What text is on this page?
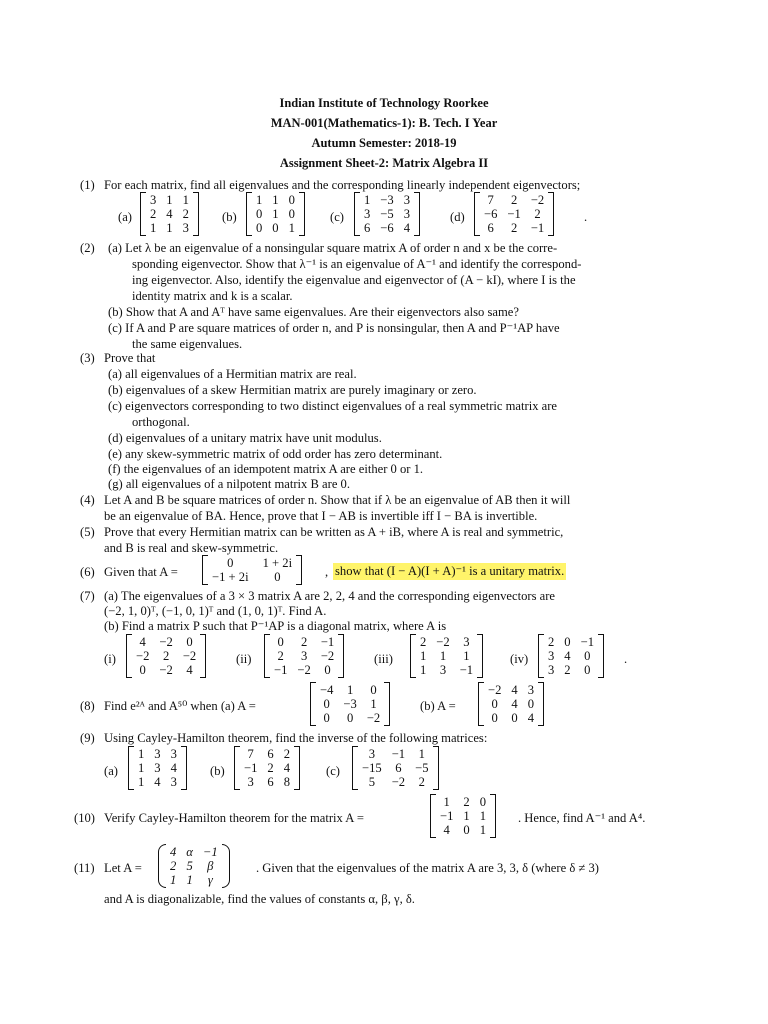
Indian Institute of Technology Roorkee
MAN-001(Mathematics-1): B. Tech. I Year
Autumn Semester: 2018-19
Assignment Sheet-2: Matrix Algebra II
(1) For each matrix, find all eigenvalues and the corresponding linearly independent eigenvectors;
(a)
3 1 1
2 4 2
1 1 3
(b)
1 1 0
0 1 0
0 0 1
(c)
1 −3 3
3 −5 3
6 −6 4
(d)
7 2 −2
−6 −1 2
6 2 −1
.
(2) (a) Let λ be an eigenvalue of a nonsingular square matrix A of order n and x be the corre-
sponding eigenvector. Show that λ⁻¹ is an eigenvalue of A⁻¹ and identify the correspond-
ing eigenvector. Also, identify the eigenvalue and eigenvector of (A − kI), where I is the
identity matrix and k is a scalar.
(b) Show that A and Aᵀ have same eigenvalues. Are their eigenvectors also same?
(c) If A and P are square matrices of order n, and P is nonsingular, then A and P⁻¹AP have
the same eigenvalues.
(3) Prove that
(a) all eigenvalues of a Hermitian matrix are real.
(b) eigenvalues of a skew Hermitian matrix are purely imaginary or zero.
(c) eigenvectors corresponding to two distinct eigenvalues of a real symmetric matrix are
orthogonal.
(d) eigenvalues of a unitary matrix have unit modulus.
(e) any skew-symmetric matrix of odd order has zero determinant.
(f) the eigenvalues of an idempotent matrix A are either 0 or 1.
(g) all eigenvalues of a nilpotent matrix B are 0.
(4) Let A and B be square matrices of order n. Show that if λ be an eigenvalue of AB then it will
be an eigenvalue of BA. Hence, prove that I − AB is invertible iff I − BA is invertible.
(5) Prove that every Hermitian matrix can be written as A + iB, where A is real and symmetric,
and B is real and skew-symmetric.
(6) Given that A =
0	1 + 2i
−1 + 2i	0	, show that (I − A)(I + A)⁻¹ is a unitary matrix.
(7) (a) The eigenvalues of a 3 × 3 matrix A are 2, 2, 4 and the corresponding eigenvectors are
(−2, 1, 0)ᵀ, (−1, 0, 1)ᵀ and (1, 0, 1)ᵀ. Find A.
(b) Find a matrix P such that P⁻¹AP is a diagonal matrix, where A is
(i)
4 −2 0
−2 2 −2
0 −2 4
(ii)
0 2 −1
2 3 −2
−1 −2 0
(iii)
2 −2 3
1 1 1
1 3 −1
(iv)
2 0 −1
3 4 0
3 2 0
.
(8) Find e²ᴬ and A⁵⁰ when (a) A =
−4 1 0
0 −3 1
0 0 −2
(b) A =
−2 4 3
0 4 0
0 0 4
(9) Using Cayley-Hamilton theorem, find the inverse of the following matrices:
(a)
1 3 3
1 3 4
1 4 3
(b)
7 6 2
−1 2 4
3 6 8
(c)
3	−1 1
−15 6 −5
5	−2 2
(10) Verify Cayley-Hamilton theorem for the matrix A =
1 2 0
−1 1 1
4 0 1
. Hence, find A⁻¹ and A⁴.
(11) Let A =
4 α −1
2 5	β
1 1	γ
. Given that the eigenvalues of the matrix A are 3, 3, δ (where δ ≠ 3)
and A is diagonalizable, find the values of constants α, β, γ, δ.
